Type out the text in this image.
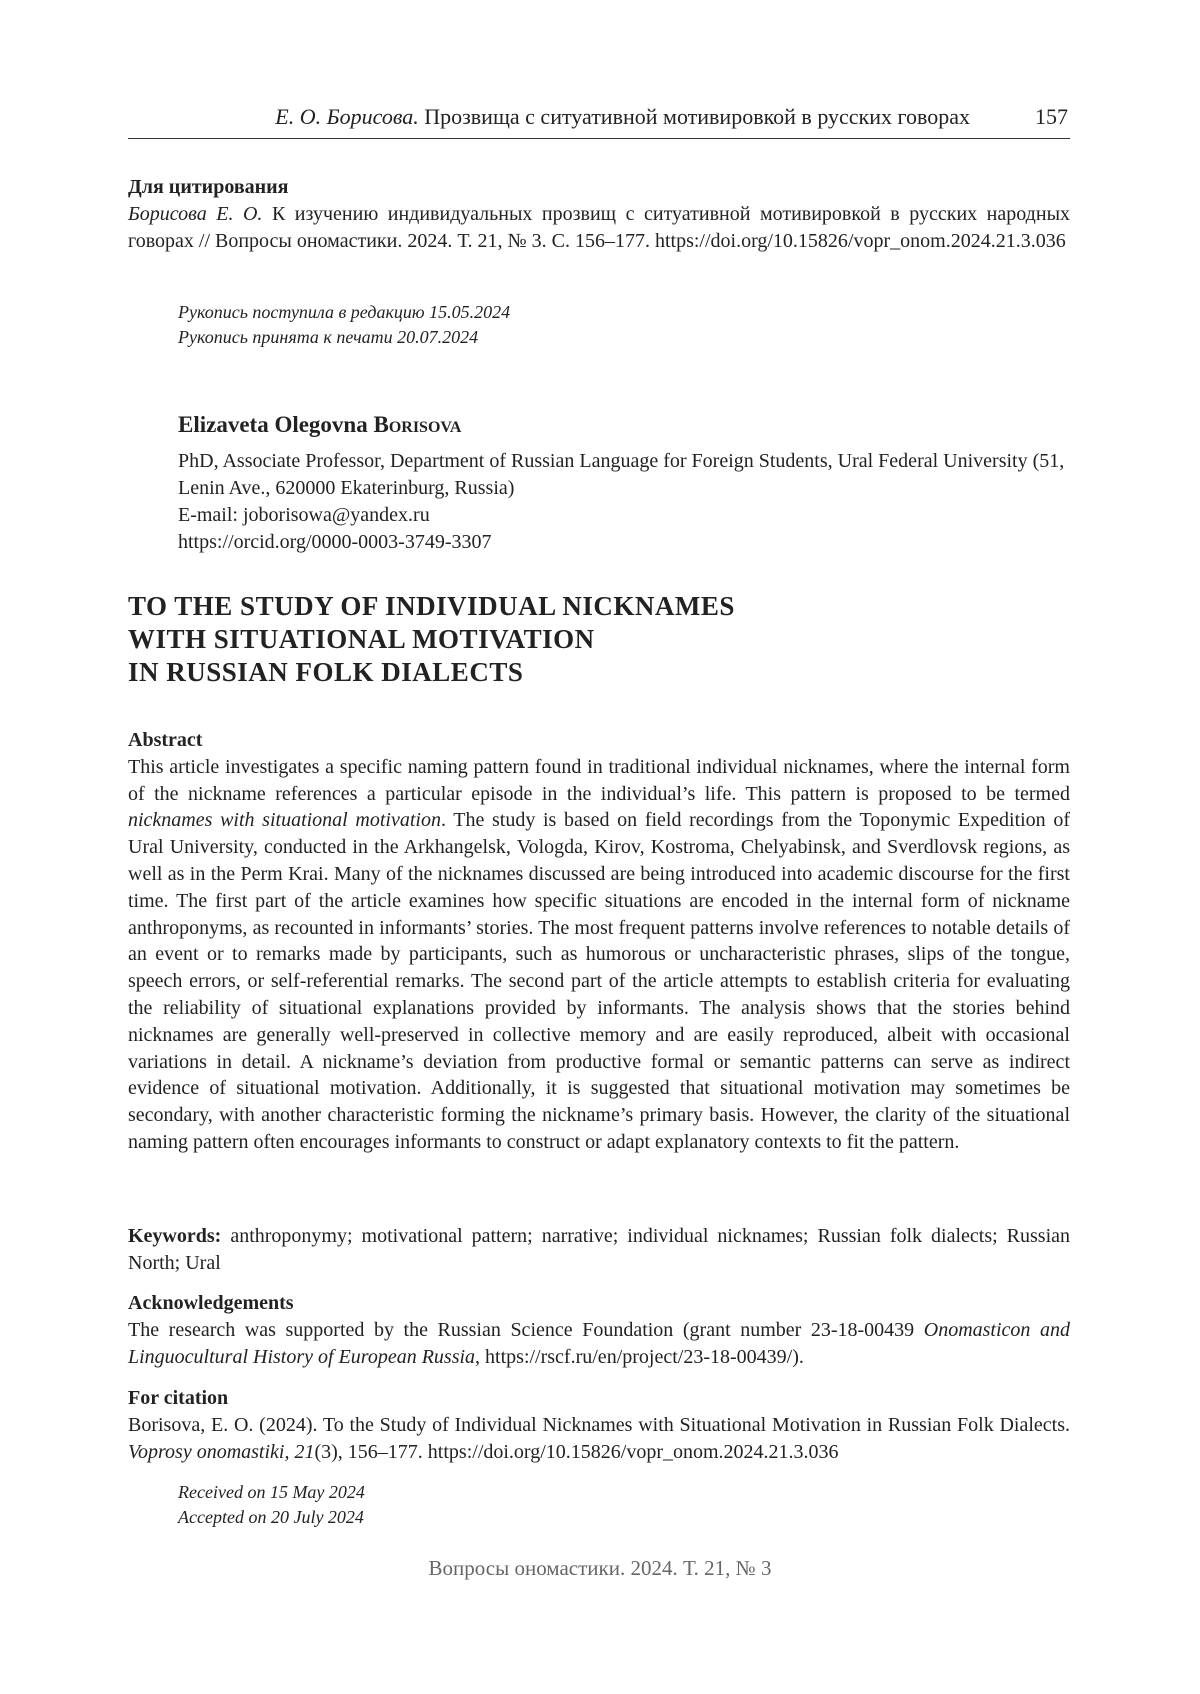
Е. О. Борисова. Прозвища с ситуативной мотивировкой в русских говорах	157
Для цитирования
Борисова Е. О. К изучению индивидуальных прозвищ с ситуативной мотивировкой в русских народных говорах // Вопросы ономастики. 2024. Т. 21, № 3. С. 156–177. https://doi.org/10.15826/vopr_onom.2024.21.3.036
Рукопись поступила в редакцию 15.05.2024
Рукопись принята к печати 20.07.2024
Elizaveta Olegovna Borisova
PhD, Associate Professor, Department of Russian Language for Foreign Students, Ural Federal University (51, Lenin Ave., 620000 Ekaterinburg, Russia)
E-mail: joborisowa@yandex.ru
https://orcid.org/0000-0003-3749-3307
TO THE STUDY OF INDIVIDUAL NICKNAMES
WITH SITUATIONAL MOTIVATION
IN RUSSIAN FOLK DIALECTS
Abstract
This article investigates a specific naming pattern found in traditional individual nicknames, where the internal form of the nickname references a particular episode in the individual’s life. This pattern is proposed to be termed nicknames with situational motivation. The study is based on field recordings from the Toponymic Expedition of Ural University, conducted in the Arkhangelsk, Vologda, Kirov, Kostroma, Chelyabinsk, and Sverdlovsk regions, as well as in the Perm Krai. Many of the nicknames discussed are being introduced into academic discourse for the first time. The first part of the article examines how specific situations are encoded in the internal form of nickname anthroponyms, as recounted in informants’ stories. The most frequent patterns involve references to notable details of an event or to remarks made by participants, such as humorous or uncharacteristic phrases, slips of the tongue, speech errors, or self-referential remarks. The second part of the article attempts to establish criteria for evaluating the reliability of situational explanations provided by informants. The analysis shows that the stories behind nicknames are generally well-preserved in collective memory and are easily reproduced, albeit with occasional variations in detail. A nickname’s deviation from productive formal or semantic patterns can serve as indirect evidence of situational motivation. Additionally, it is suggested that situational motivation may sometimes be secondary, with another characteristic forming the nickname’s primary basis. However, the clarity of the situational naming pattern often encourages informants to construct or adapt explanatory contexts to fit the pattern.
Keywords: anthroponymy; motivational pattern; narrative; individual nicknames; Russian folk dialects; Russian North; Ural
Acknowledgements
The research was supported by the Russian Science Foundation (grant number 23-18-00439 Onomasticon and Linguocultural History of European Russia, https://rscf.ru/en/project/23-18-00439/).
For citation
Borisova, E. O. (2024). To the Study of Individual Nicknames with Situational Motivation in Russian Folk Dialects. Voprosy onomastiki, 21(3), 156–177. https://doi.org/10.15826/vopr_onom.2024.21.3.036
Received on 15 May 2024
Accepted on 20 July 2024
Вопросы ономастики. 2024. Т. 21, № 3
